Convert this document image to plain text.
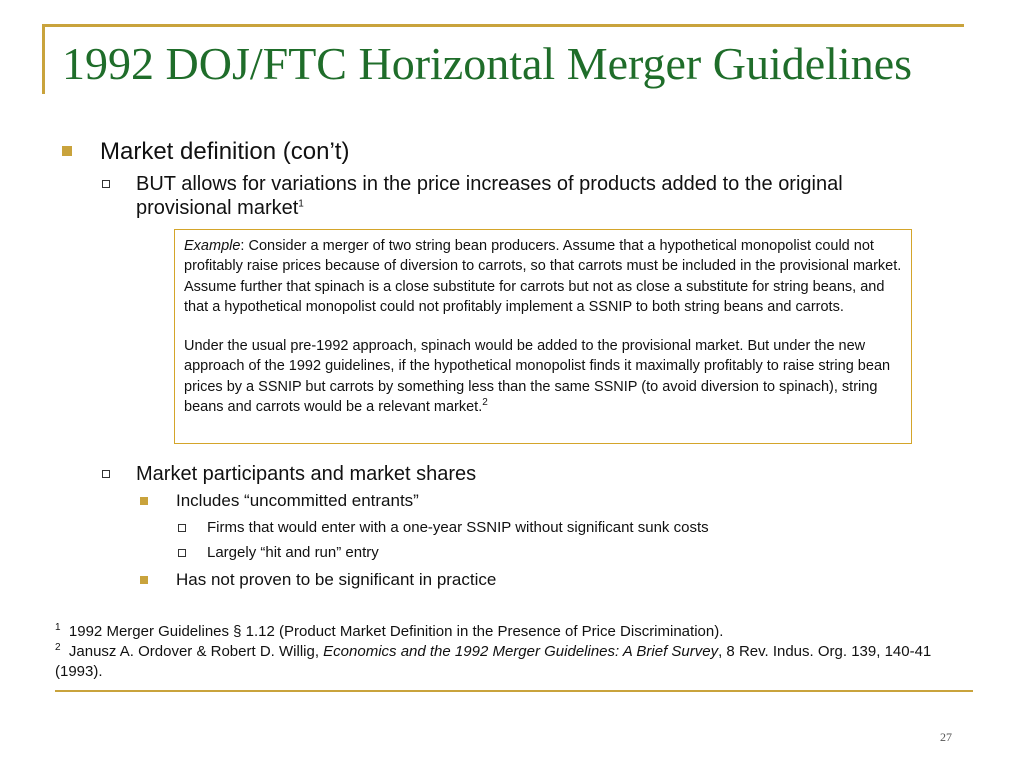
1992 DOJ/FTC Horizontal Merger Guidelines
Market definition (con’t)
BUT allows for variations in the price increases of products added to the original provisional market$^1$

Example: Consider a merger of two string bean producers. Assume that a hypothetical monopolist could not profitably raise prices because of diversion to carrots, so that carrots must be included in the provisional market. Assume further that spinach is a close substitute for carrots but not as close a substitute for string beans, and that a hypothetical monopolist could not profitably implement a SSNIP to both string beans and carrots.

Under the usual pre-1992 approach, spinach would be added to the provisional market. But under the new approach of the 1992 guidelines, if the hypothetical monopolist finds it maximally profitably to raise string bean prices by a SSNIP but carrots by something less than the same SSNIP (to avoid diversion to spinach), string beans and carrots would be a relevant market.$^2$

Market participants and market shares
Includes “uncommitted entrants”
Firms that would enter with a one-year SSNIP without significant sunk costs
Largely “hit and run” entry
Has not proven to be significant in practice
$^1$ 1992 Merger Guidelines § 1.12 (Product Market Definition in the Presence of Price Discrimination).
$^2$ Janusz A. Ordover & Robert D. Willig, Economics and the 1992 Merger Guidelines: A Brief Survey, 8 Rev. Indus. Org. 139, 140-41 (1993).
27
